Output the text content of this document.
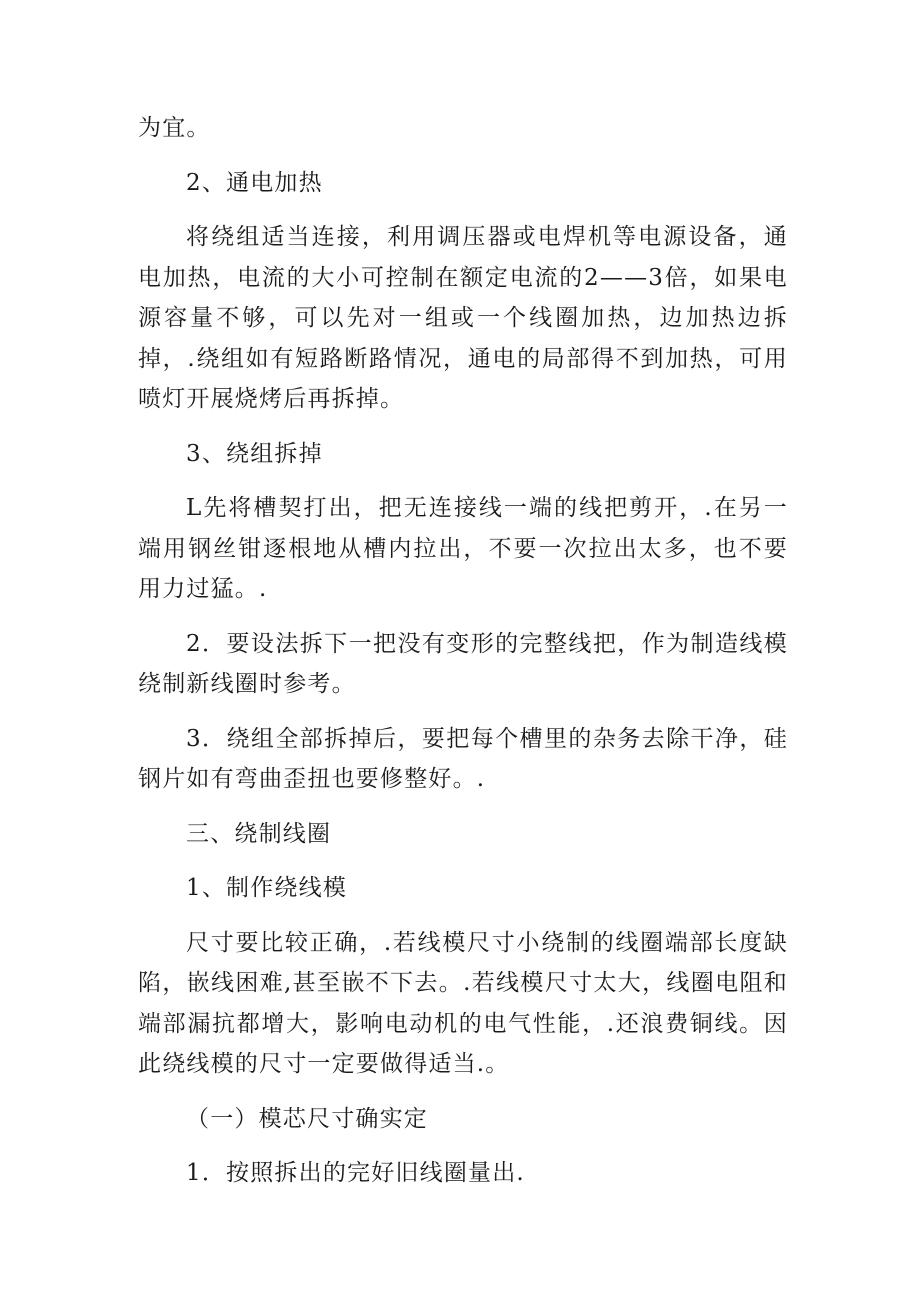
为宜。

2、通电加热

将绕组适当连接，利用调压器或电焊机等电源设备，通电加热，电流的大小可控制在额定电流的2——3倍，如果电源容量不够，可以先对一组或一个线圈加热，边加热边拆掉，.绕组如有短路断路情况，通电的局部得不到加热，可用喷灯开展烧烤后再拆掉。

3、绕组拆掉

L先将槽契打出，把无连接线一端的线把剪开，.在另一端用钢丝钳逐根地从槽内拉出，不要一次拉出太多，也不要用力过猛。.

2．要设法拆下一把没有变形的完整线把，作为制造线模绕制新线圈时参考。

3．绕组全部拆掉后，要把每个槽里的杂务去除干净，硅钢片如有弯曲歪扭也要修整好。.

三、绕制线圈

1、制作绕线模

尺寸要比较正确，.若线模尺寸小绕制的线圈端部长度缺陷，嵌线困难,甚至嵌不下去。.若线模尺寸太大，线圈电阻和端部漏抗都增大，影响电动机的电气性能，.还浪费铜线。因此绕线模的尺寸一定要做得适当.。

（一）模芯尺寸确实定

1．按照拆出的完好旧线圈量出.
